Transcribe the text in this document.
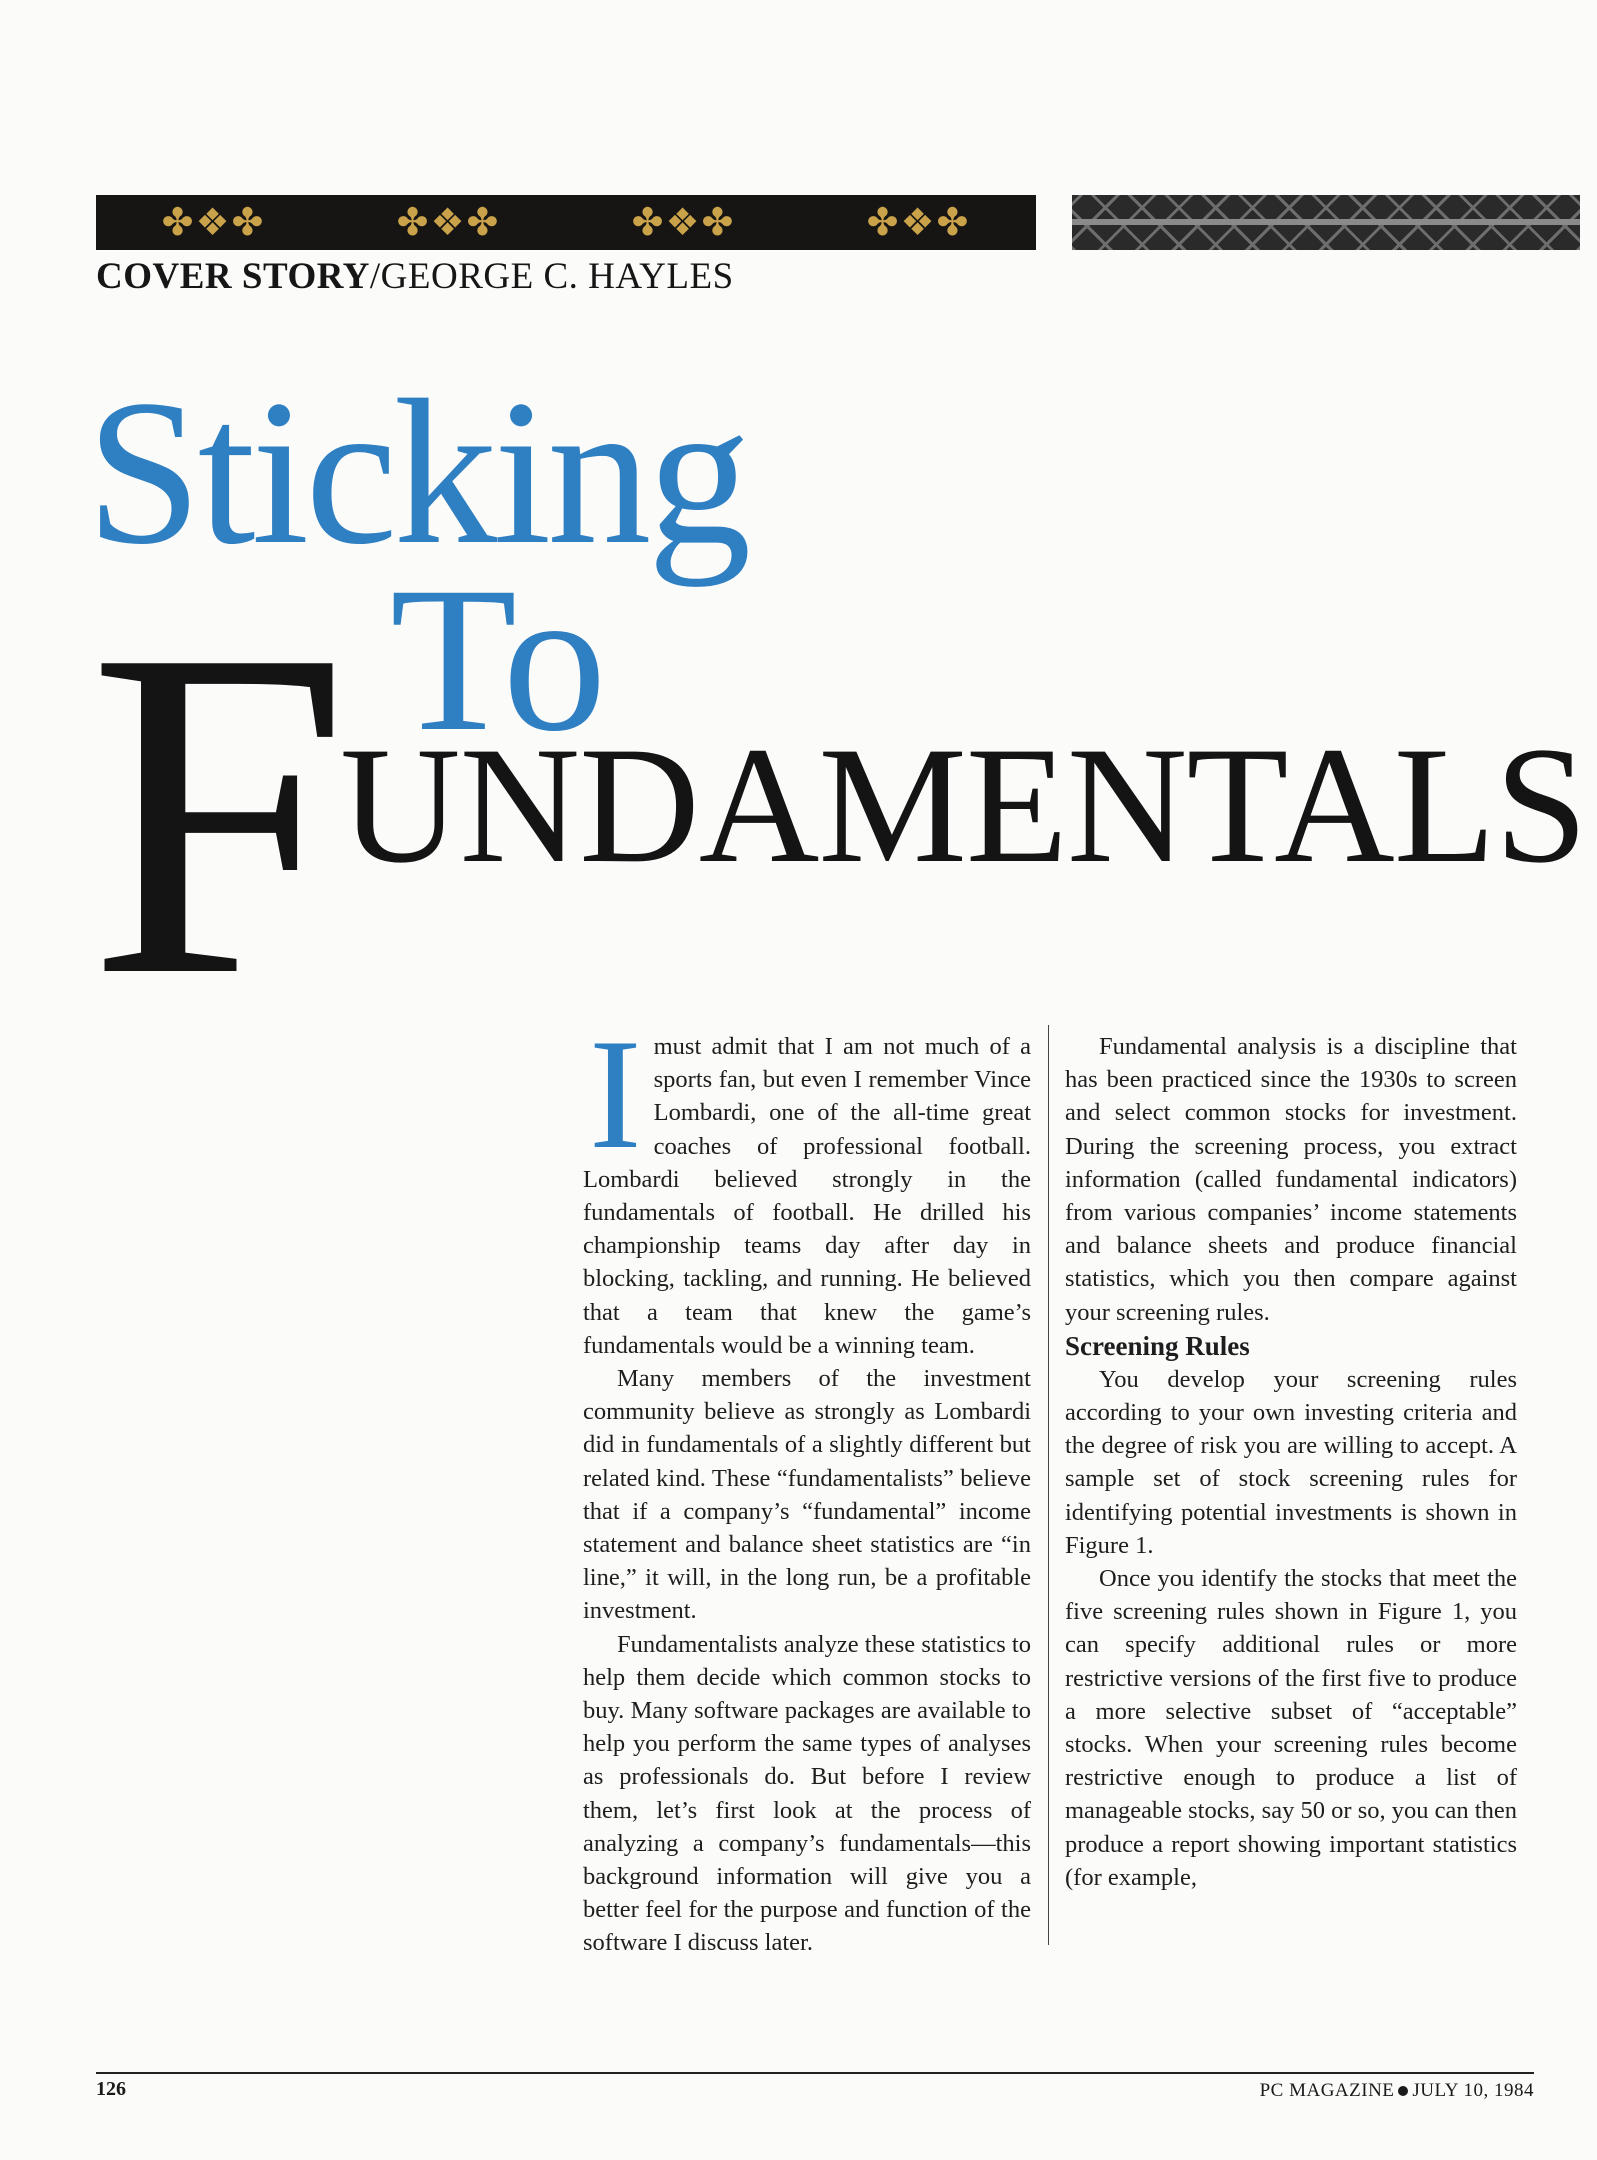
✤❖✤	✤❖✤	✤❖✤	✤❖✤
COVER STORY/GEORGE C. HAYLES
Sticking
F To
UNDAMENTALS

Imust admit that I am not much of a sports fan, but even I remember Vince Lombardi, one of the all-time great coaches of professional football. Lombardi believed strongly in the fundamentals of football. He drilled his championship teams day after day in blocking, tackling, and running. He believed that a team that knew the game’s fundamentals would be a winning team.

Many members of the investment community believe as strongly as Lombardi did in fundamentals of a slightly different but related kind. These “fundamentalists” believe that if a company’s “fundamental” income statement and balance sheet statistics are “in line,” it will, in the long run, be a profitable investment.

Fundamentalists analyze these statistics to help them decide which common stocks to buy. Many software packages are available to help you perform the same types of analyses as professionals do. But before I review them, let’s first look at the process of analyzing a company’s fundamentals—this background information will give you a better feel for the purpose and function of the software I discuss later.

Fundamental analysis is a discipline that has been practiced since the 1930s to screen and select common stocks for investment. During the screening process, you extract information (called fundamental indicators) from various companies’ income statements and balance sheets and produce financial statistics, which you then compare against your screening rules.

Screening Rules

You develop your screening rules according to your own investing criteria and the degree of risk you are willing to accept. A sample set of stock screening rules for identifying potential investments is shown in Figure 1.

Once you identify the stocks that meet the five screening rules shown in Figure 1, you can specify additional rules or more restrictive versions of the first five to produce a more selective subset of “acceptable” stocks. When your screening rules become restrictive enough to produce a list of manageable stocks, say 50 or so, you can then produce a report showing important statistics (for example,

126	PC MAGAZINE JULY 10, 1984
